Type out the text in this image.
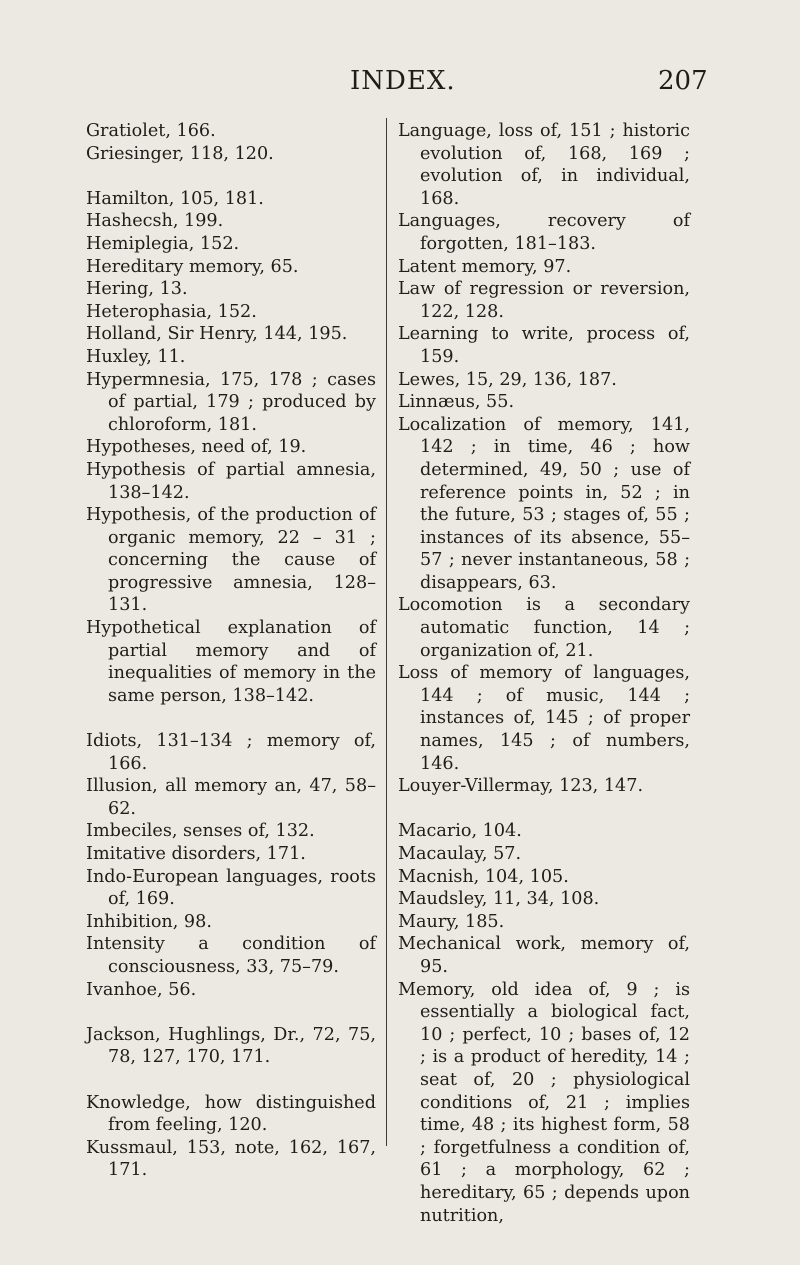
INDEX.	207
Gratiolet, 166.
Griesinger, 118, 120.
Hamilton, 105, 181.
Hashecsh, 199.
Hemiplegia, 152.
Hereditary memory, 65.
Hering, 13.
Heterophasia, 152.
Holland, Sir Henry, 144, 195.
Huxley, 11.
Hypermnesia, 175, 178 ; cases of partial, 179 ; produced by chloroform, 181.
Hypotheses, need of, 19.
Hypothesis of partial amnesia, 138–142.
Hypothesis, of the production of organic memory, 22 – 31 ; concerning the cause of progressive amnesia, 128–131.
Hypothetical explanation of partial memory and of inequalities of memory in the same person, 138–142.
Idiots, 131–134 ; memory of, 166.
Illusion, all memory an, 47, 58–62.
Imbeciles, senses of, 132.
Imitative disorders, 171.
Indo-European languages, roots of, 169.
Inhibition, 98.
Intensity a condition of consciousness, 33, 75–79.
Ivanhoe, 56.
Jackson, Hughlings, Dr., 72, 75, 78, 127, 170, 171.
Knowledge, how distinguished from feeling, 120.
Kussmaul, 153, note, 162, 167, 171.
Language, loss of, 151 ; historic evolution of, 168, 169 ; evolution of, in individual, 168.
Languages, recovery of forgotten, 181–183.
Latent memory, 97.
Law of regression or reversion, 122, 128.
Learning to write, process of, 159.
Lewes, 15, 29, 136, 187.
Linnæus, 55.
Localization of memory, 141, 142 ; in time, 46 ; how determined, 49, 50 ; use of reference points in, 52 ; in the future, 53 ; stages of, 55 ; instances of its absence, 55–57 ; never instantaneous, 58 ; disappears, 63.
Locomotion is a secondary automatic function, 14 ; organization of, 21.
Loss of memory of languages, 144 ; of music, 144 ; instances of, 145 ; of proper names, 145 ; of numbers, 146.
Louyer-Villermay, 123, 147.
Macario, 104.
Macaulay, 57.
Macnish, 104, 105.
Maudsley, 11, 34, 108.
Maury, 185.
Mechanical work, memory of, 95.
Memory, old idea of, 9 ; is essentially a biological fact, 10 ; perfect, 10 ; bases of, 12 ; is a product of heredity, 14 ; seat of, 20 ; physiological conditions of, 21 ; implies time, 48 ; its highest form, 58 ; forgetfulness a condition of, 61 ; a morphology, 62 ; hereditary, 65 ; depends upon nutrition,
